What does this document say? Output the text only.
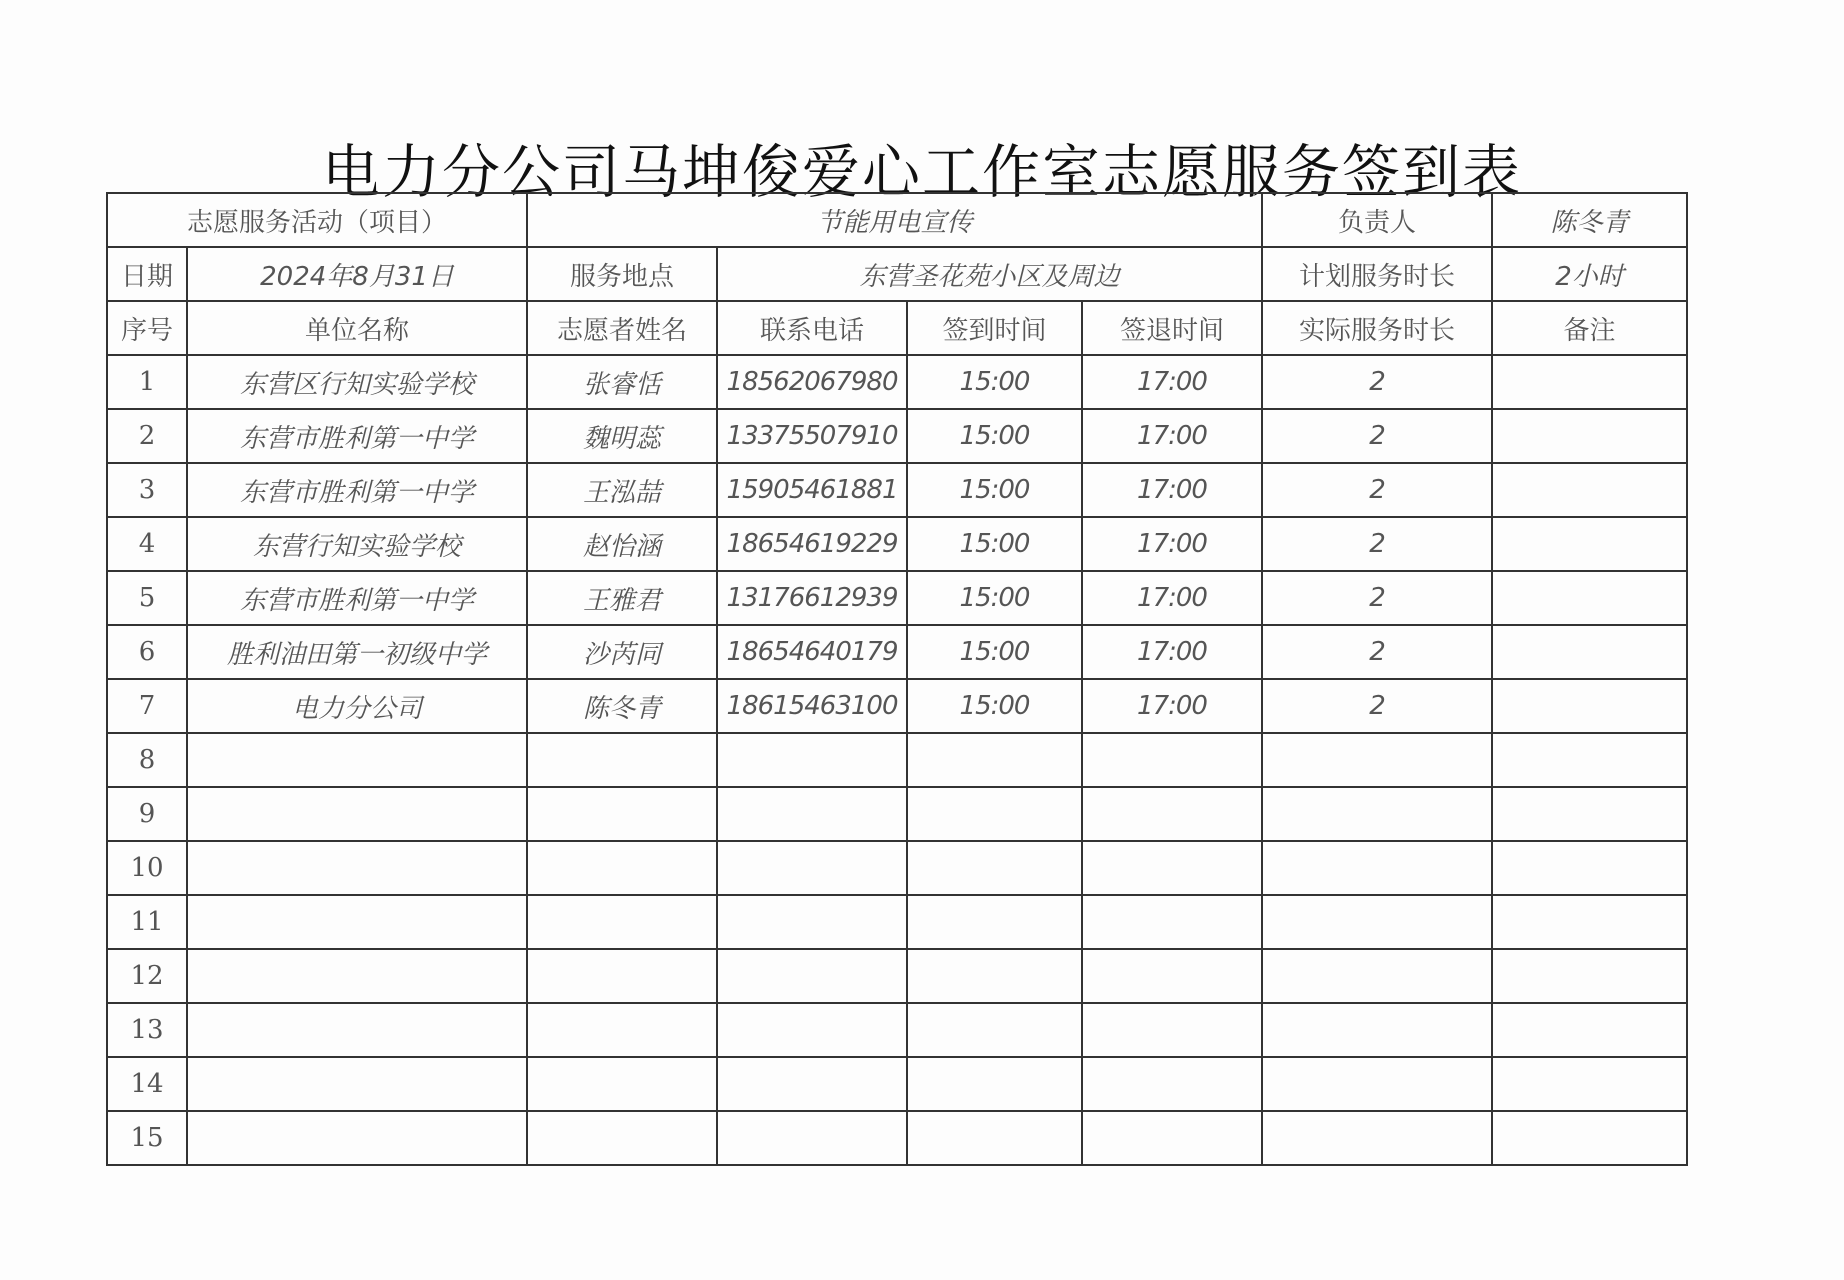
电力分公司马坤俊爱心工作室志愿服务签到表
志愿服务活动（项目）		节能用电宣传				负责人	陈冬青
日期	2024年8月31日	服务地点	东营圣花苑小区及周边			计划服务时长	2小时
序号	单位名称	志愿者姓名	联系电话	签到时间	签退时间	实际服务时长	备注
1	东营区行知实验学校	张睿恬	18562067980	15:00	17:00	2	
2	东营市胜利第一中学	魏明蕊	13375507910	15:00	17:00	2	
3	东营市胜利第一中学	王泓喆	15905461881	15:00	17:00	2	
4	东营行知实验学校	赵怡涵	18654619229	15:00	17:00	2	
5	东营市胜利第一中学	王雅君	13176612939	15:00	17:00	2	
6	胜利油田第一初级中学	沙芮同	18654640179	15:00	17:00	2	
7	电力分公司	陈冬青	18615463100	15:00	17:00	2	
8							
9							
10							
11							
12							
13							
14							
15							
